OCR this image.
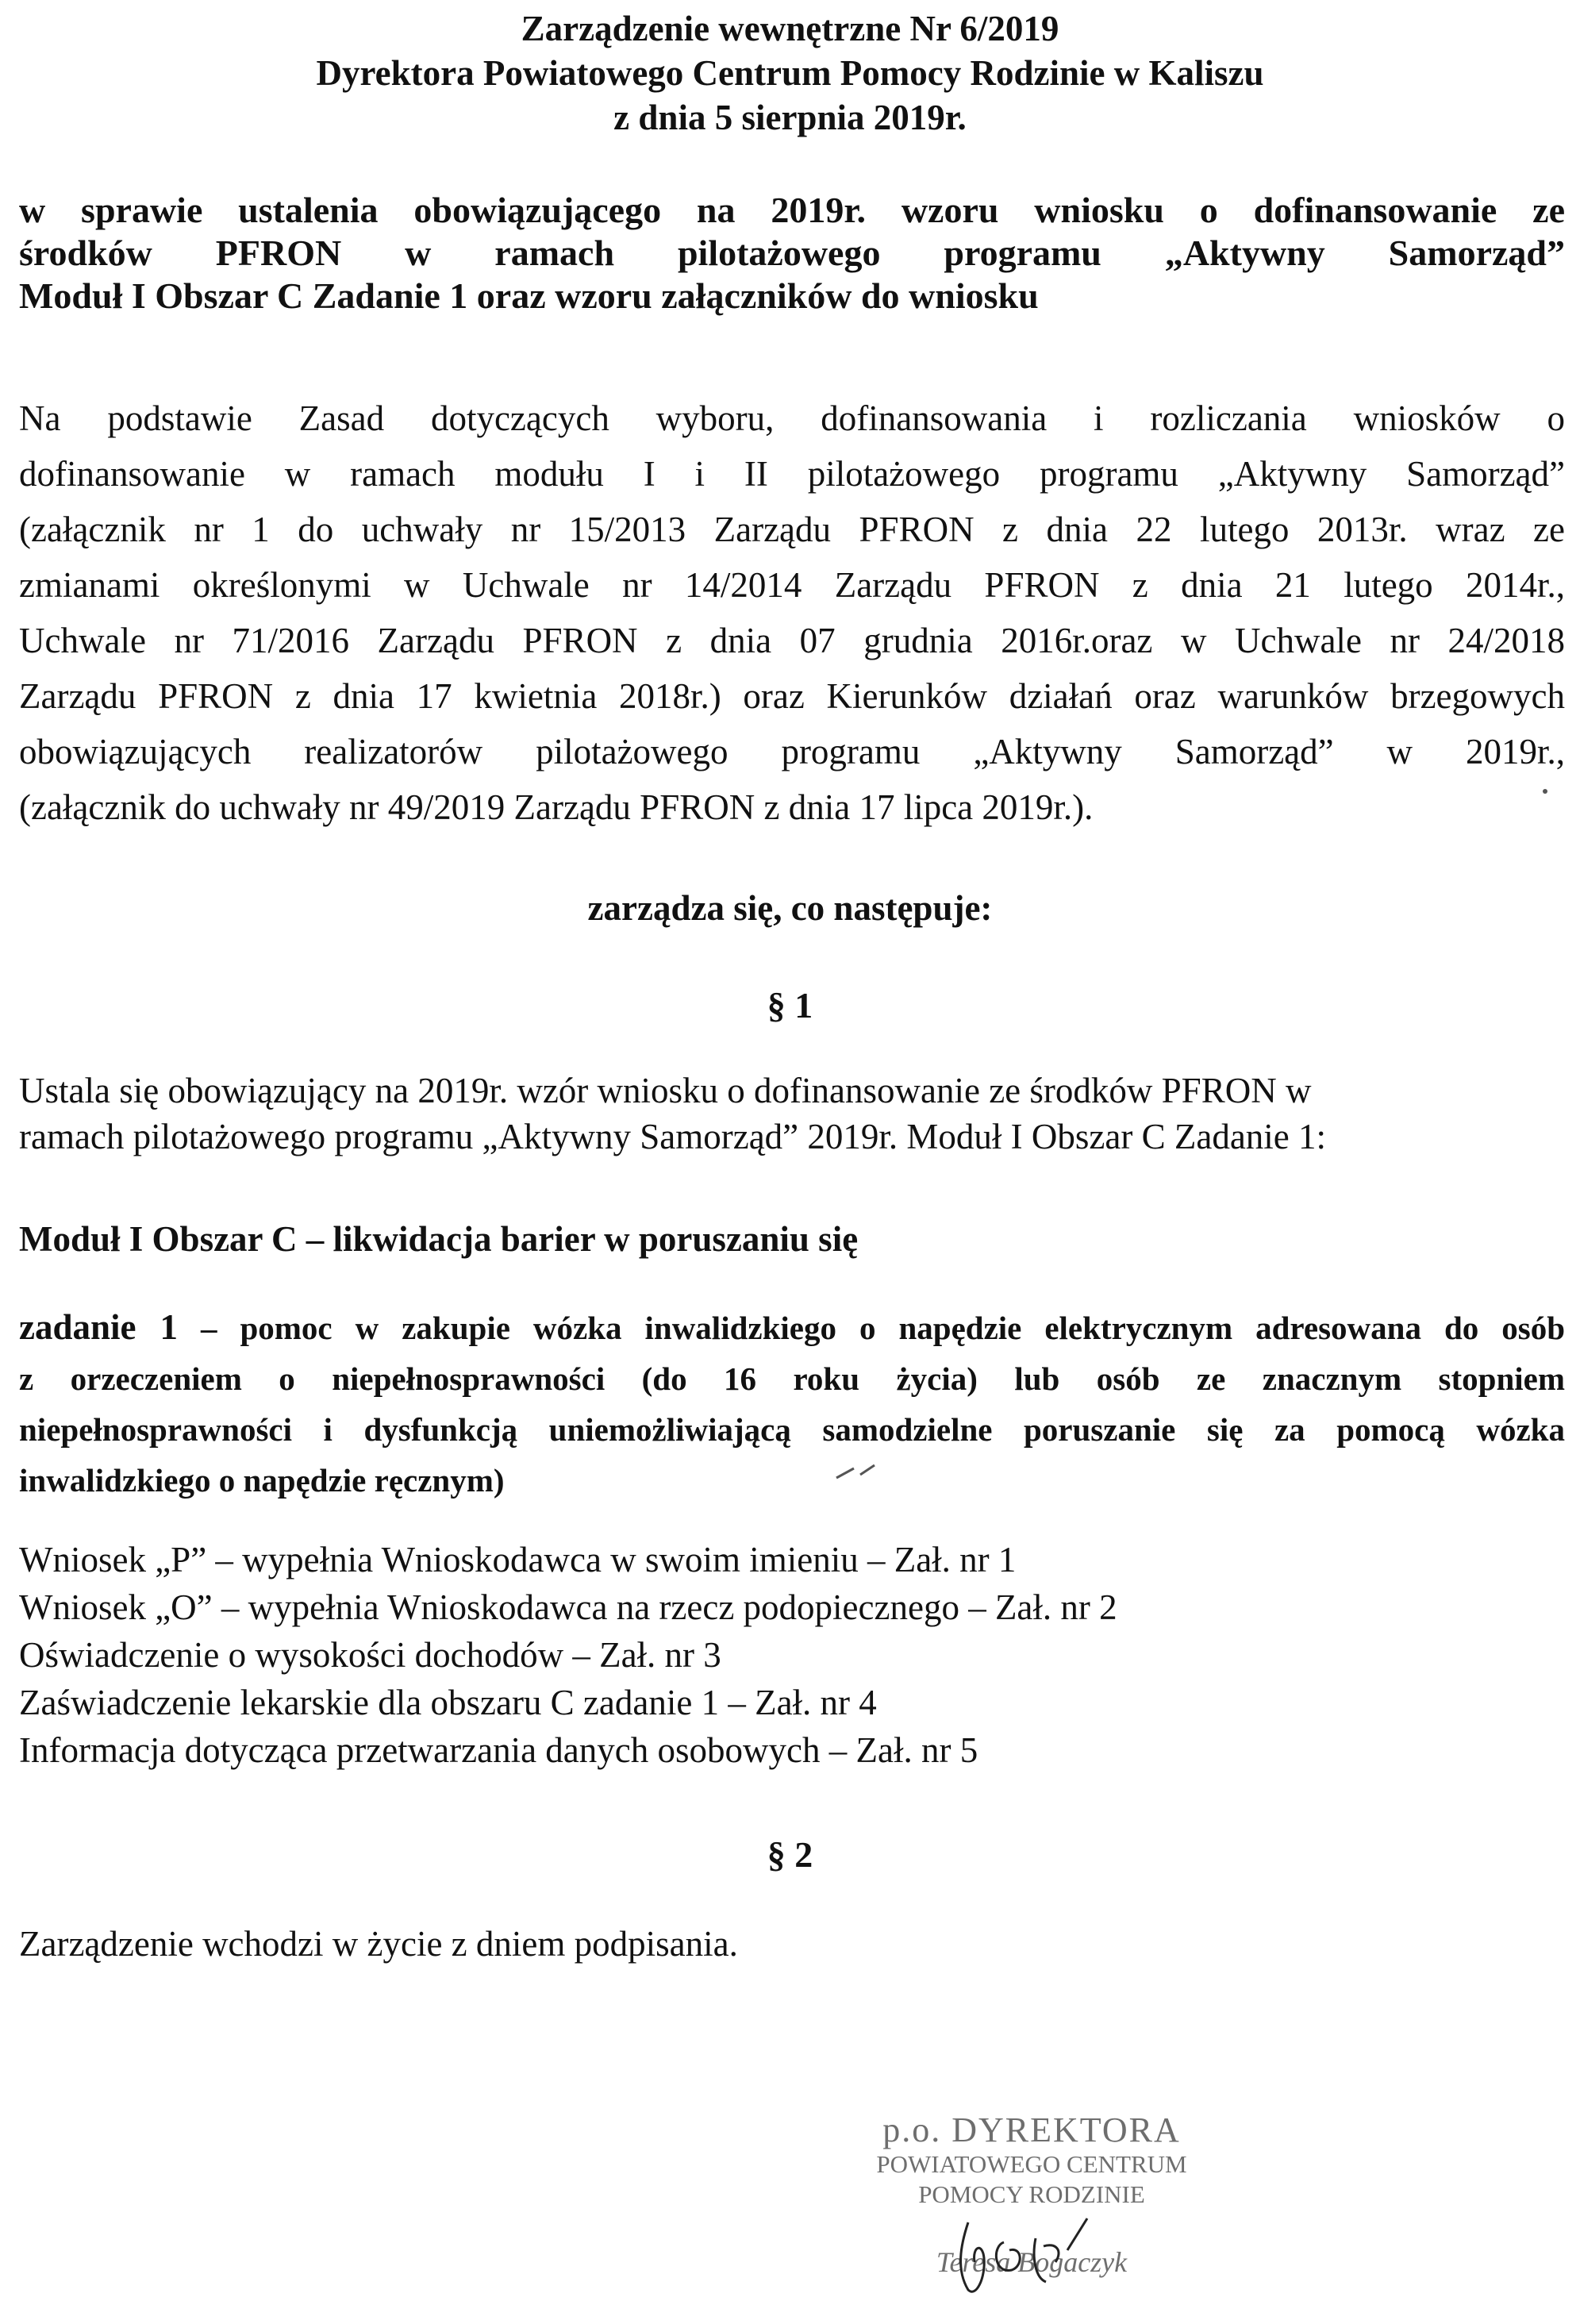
Zarządzenie wewnętrzne Nr 6/2019
Dyrektora Powiatowego Centrum Pomocy Rodzinie w Kaliszu
z dnia 5 sierpnia 2019r.
w sprawie ustalenia obowiązującego na 2019r. wzoru wniosku o dofinansowanie ze
środków PFRON w ramach pilotażowego programu „Aktywny Samorząd”
Moduł I Obszar C Zadanie 1 oraz wzoru załączników do wniosku
Na podstawie Zasad dotyczących wyboru, dofinansowania i rozliczania wniosków o
dofinansowanie w ramach modułu I i II pilotażowego programu „Aktywny Samorząd”
(załącznik nr 1 do uchwały nr 15/2013 Zarządu PFRON z dnia 22 lutego 2013r. wraz ze
zmianami określonymi w Uchwale nr 14/2014 Zarządu PFRON z dnia 21 lutego 2014r.,
Uchwale nr 71/2016 Zarządu PFRON z dnia 07 grudnia 2016r.oraz w Uchwale nr 24/2018
Zarządu PFRON z dnia 17 kwietnia 2018r.) oraz Kierunków działań oraz warunków brzegowych
obowiązujących realizatorów pilotażowego programu „Aktywny Samorząd” w 2019r.,
(załącznik do uchwały nr 49/2019 Zarządu PFRON z dnia 17 lipca 2019r.).
zarządza się, co następuje:
§ 1
Ustala się obowiązujący na 2019r. wzór wniosku o dofinansowanie ze środków PFRON w
ramach pilotażowego programu „Aktywny Samorząd” 2019r. Moduł I Obszar C Zadanie 1:
Moduł I Obszar C – likwidacja barier w poruszaniu się
zadanie 1 – pomoc w zakupie wózka inwalidzkiego o napędzie elektrycznym adresowana do osób
z orzeczeniem o niepełnosprawności (do 16 roku życia) lub osób ze znacznym stopniem
niepełnosprawności i dysfunkcją uniemożliwiającą samodzielne poruszanie się za pomocą wózka
inwalidzkiego o napędzie ręcznym)
Wniosek „P” – wypełnia Wnioskodawca w swoim imieniu – Zał. nr 1
Wniosek „O” – wypełnia Wnioskodawca na rzecz podopiecznego – Zał. nr 2
Oświadczenie o wysokości dochodów – Zał. nr 3
Zaświadczenie lekarskie dla obszaru C zadanie 1 – Zał. nr 4
Informacja dotycząca przetwarzania danych osobowych – Zał. nr 5
§ 2
Zarządzenie wchodzi w życie z dniem podpisania.
p.o. DYREKTORA
POWIATOWEGO CENTRUM
POMOCY RODZINIE
Teresa Bogaczyk
